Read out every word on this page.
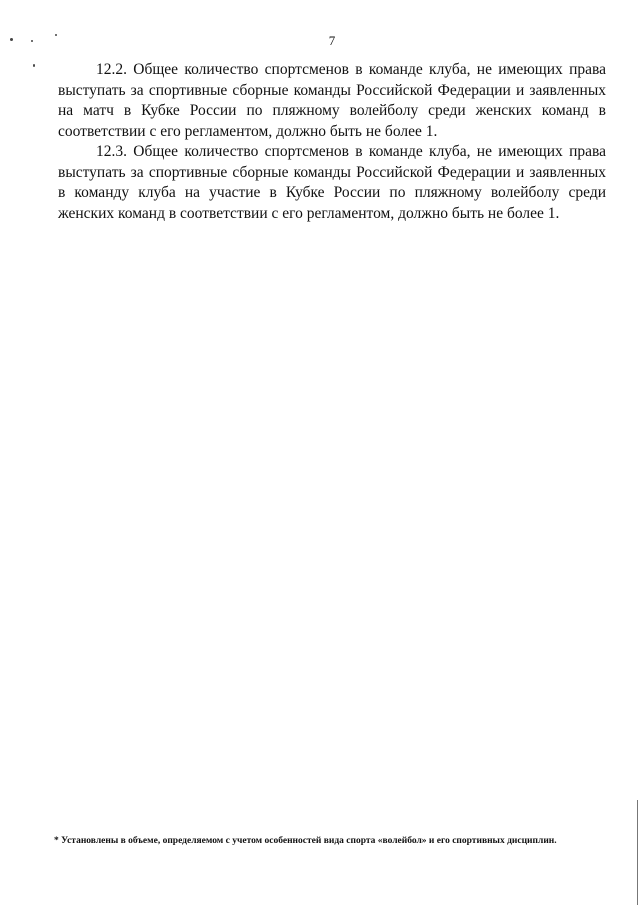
7

12.2. Общее количество спортсменов в команде клуба, не имеющих права выступать за спортивные сборные команды Российской Федерации и заявленных на матч в Кубке России по пляжному волейболу среди женских команд в соответствии с его регламентом, должно быть не более 1.

12.3. Общее количество спортсменов в команде клуба, не имеющих права выступать за спортивные сборные команды Российской Федерации и заявленных в команду клуба на участие в Кубке России по пляжному волейболу среди женских команд в соответствии с его регламентом, должно быть не более 1.

* Установлены в объеме, определяемом с учетом особенностей вида спорта «волейбол» и его спортивных дисциплин.
